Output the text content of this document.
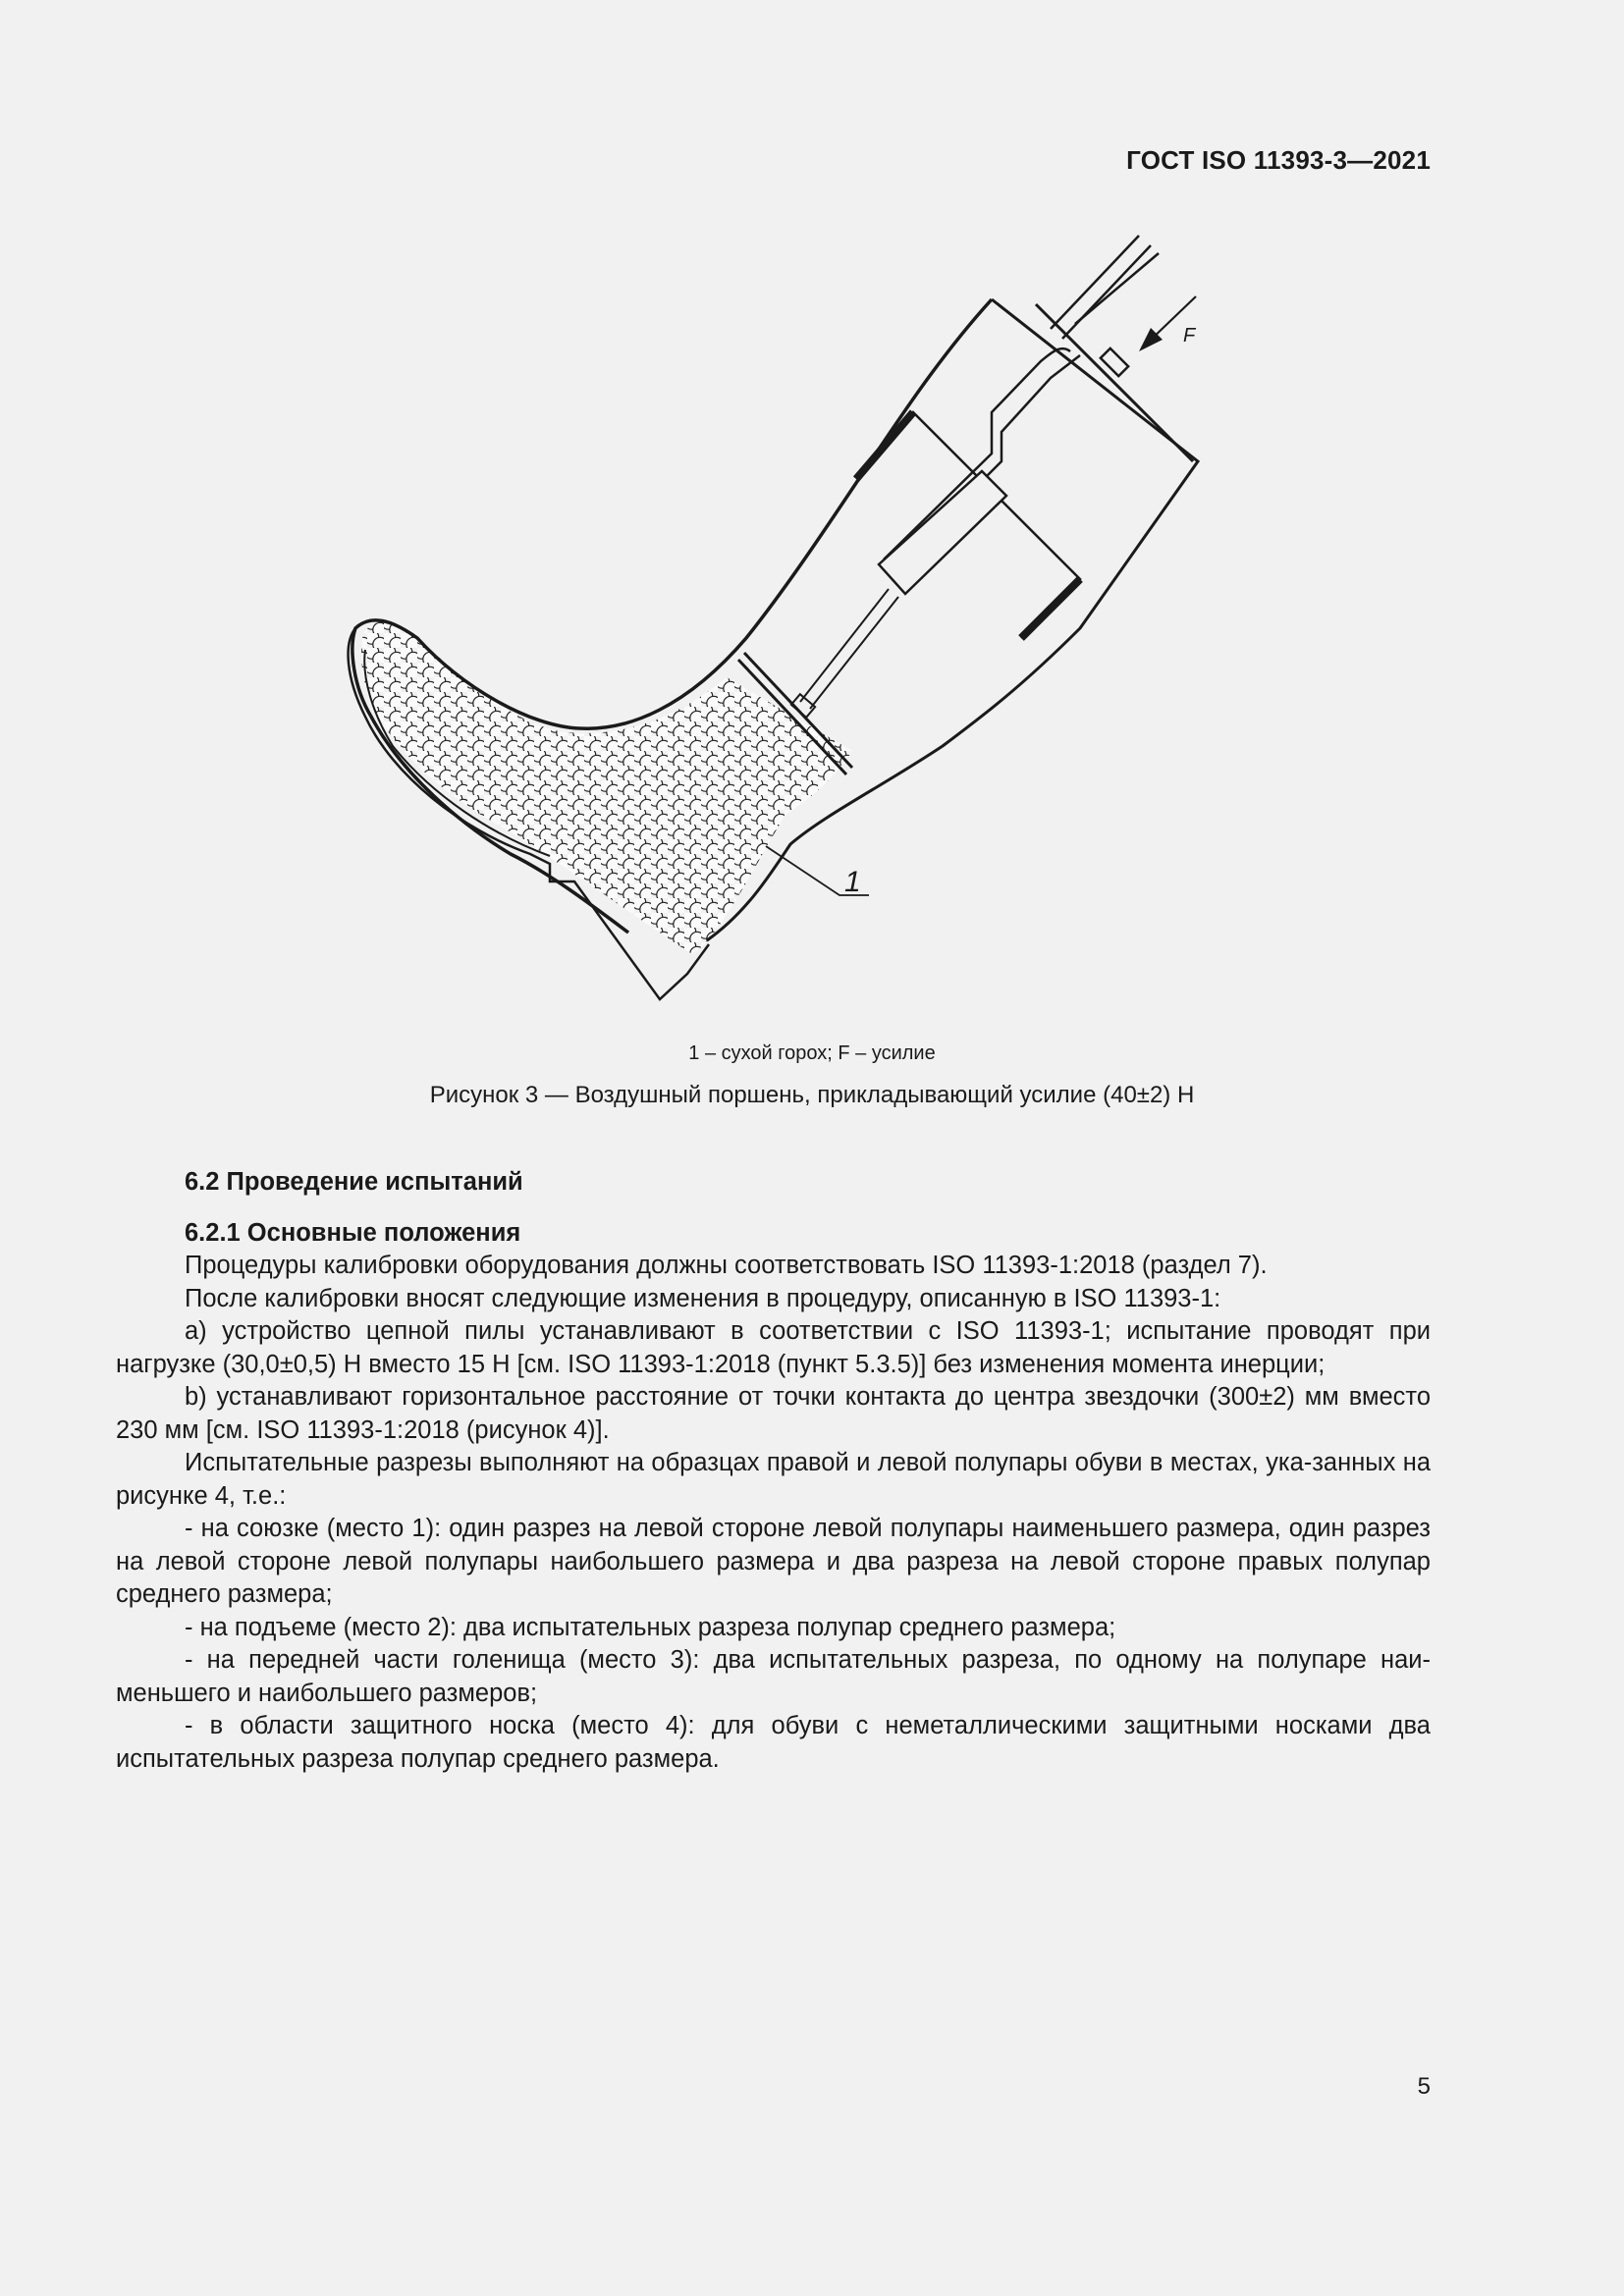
ГОСТ ISO 11393-3—2021
F
1
1 – сухой горох; F – усилие
Рисунок 3 — Воздушный поршень, прикладывающий усилие (40±2) Н

6.2 Проведение испытаний

6.2.1 Основные положения

Процедуры калибровки оборудования должны соответствовать ISO 11393-1:2018 (раздел 7).

После калибровки вносят следующие изменения в процедуру, описанную в ISO 11393-1:

a) устройство цепной пилы устанавливают в соответствии с ISO 11393-1; испытание проводят при нагрузке (30,0±0,5) Н вместо 15 Н [см. ISO 11393-1:2018 (пункт 5.3.5)] без изменения момента инерции;

b) устанавливают горизонтальное расстояние от точки контакта до центра звездочки (300±2) мм вместо 230 мм [см. ISO 11393-1:2018 (рисунок 4)].

Испытательные разрезы выполняют на образцах правой и левой полупары обуви в местах, ука-занных на рисунке 4, т.е.:

- на союзке (место 1): один разрез на левой стороне левой полупары наименьшего размера, один разрез на левой стороне левой полупары наибольшего размера и два разреза на левой стороне правых полупар среднего размера;

- на подъеме (место 2): два испытательных разреза полупар среднего размера;

- на передней части голенища (место 3): два испытательных разреза, по одному на полупаре наи-меньшего и наибольшего размеров;

- в области защитного носка (место 4): для обуви с неметаллическими защитными носками два испытательных разреза полупар среднего размера.

5
